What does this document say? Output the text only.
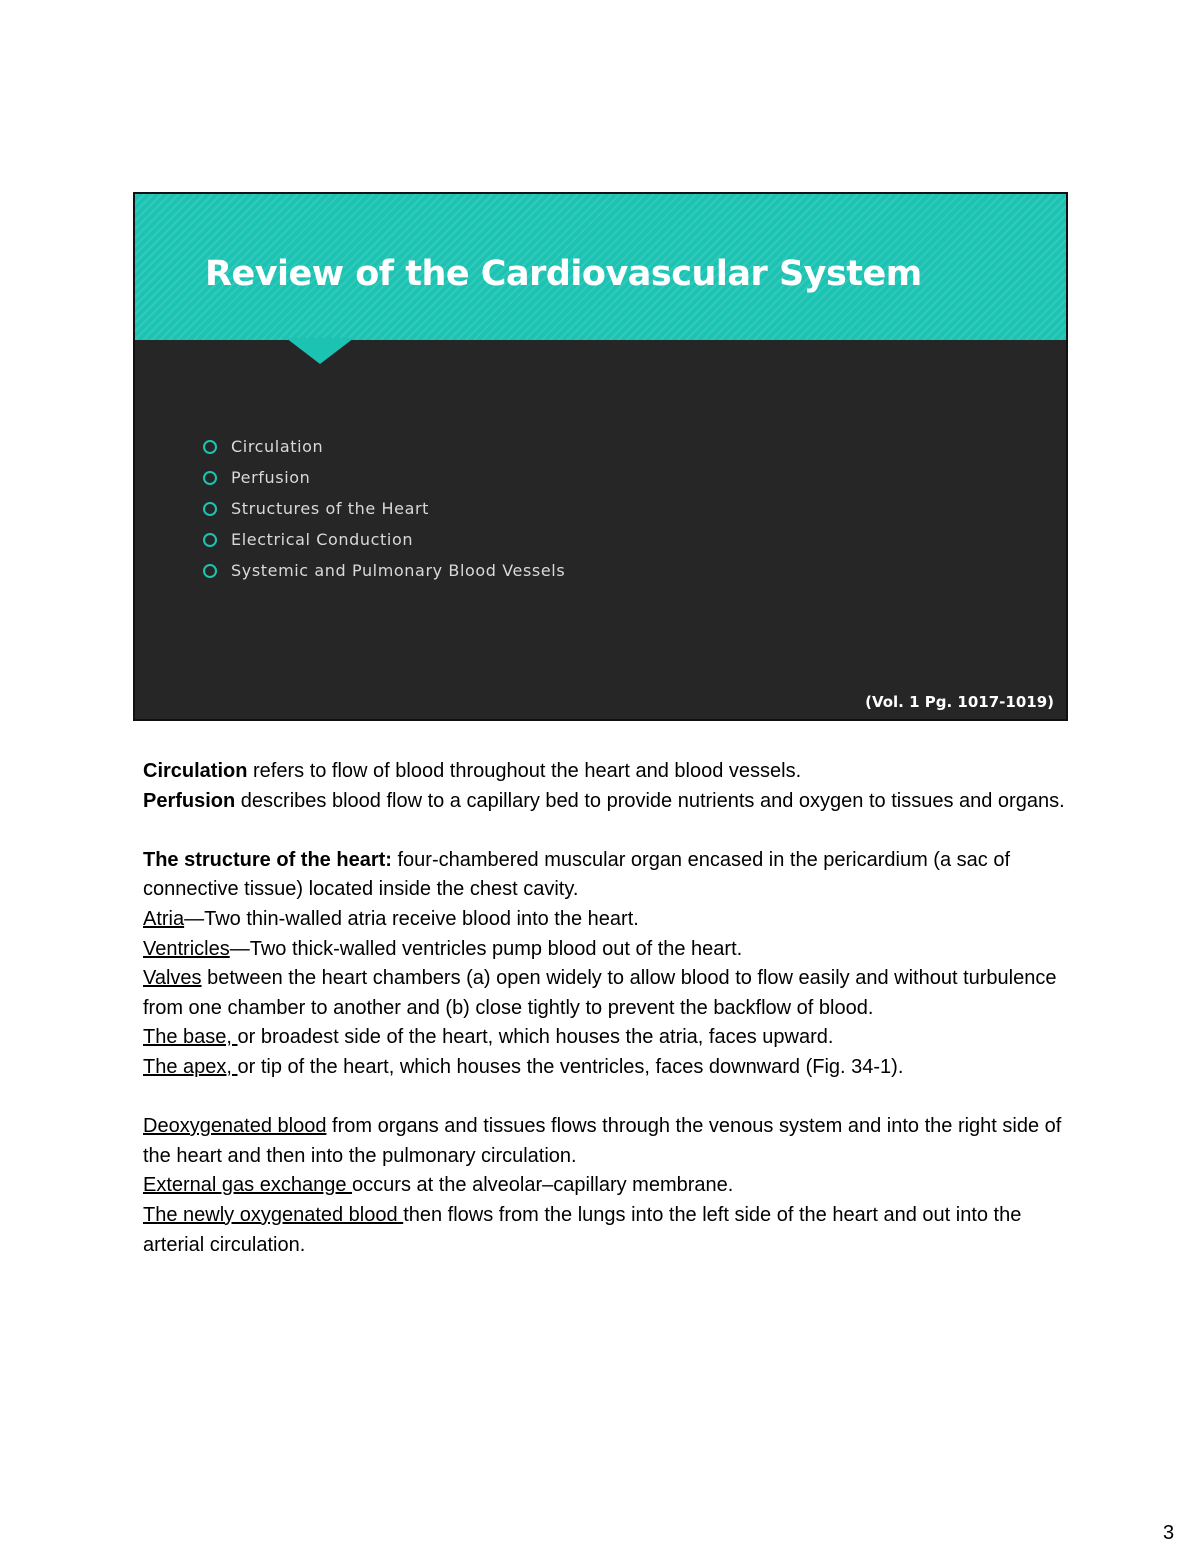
Review of the Cardiovascular System
Circulation
Perfusion
Structures of the Heart
Electrical Conduction
Systemic and Pulmonary Blood Vessels
(Vol. 1 Pg. 1017-1019)

Circulation refers to flow of blood throughout the heart and blood vessels.

Perfusion describes blood flow to a capillary bed to provide nutrients and oxygen to tissues and organs.

The structure of the heart: four-chambered muscular organ encased in the pericardium (a sac of connective tissue) located inside the chest cavity.

Atria—Two thin-walled atria receive blood into the heart.

Ventricles—Two thick-walled ventricles pump blood out of the heart.

Valves between the heart chambers (a) open widely to allow blood to flow easily and without turbulence from one chamber to another and (b) close tightly to prevent the backflow of blood.

The base, or broadest side of the heart, which houses the atria, faces upward.

The apex, or tip of the heart, which houses the ventricles, faces downward (Fig. 34-1).

Deoxygenated blood from organs and tissues flows through the venous system and into the right side of the heart and then into the pulmonary circulation.

External gas exchange occurs at the alveolar–capillary membrane.

The newly oxygenated blood then flows from the lungs into the left side of the heart and out into the arterial circulation.

3
